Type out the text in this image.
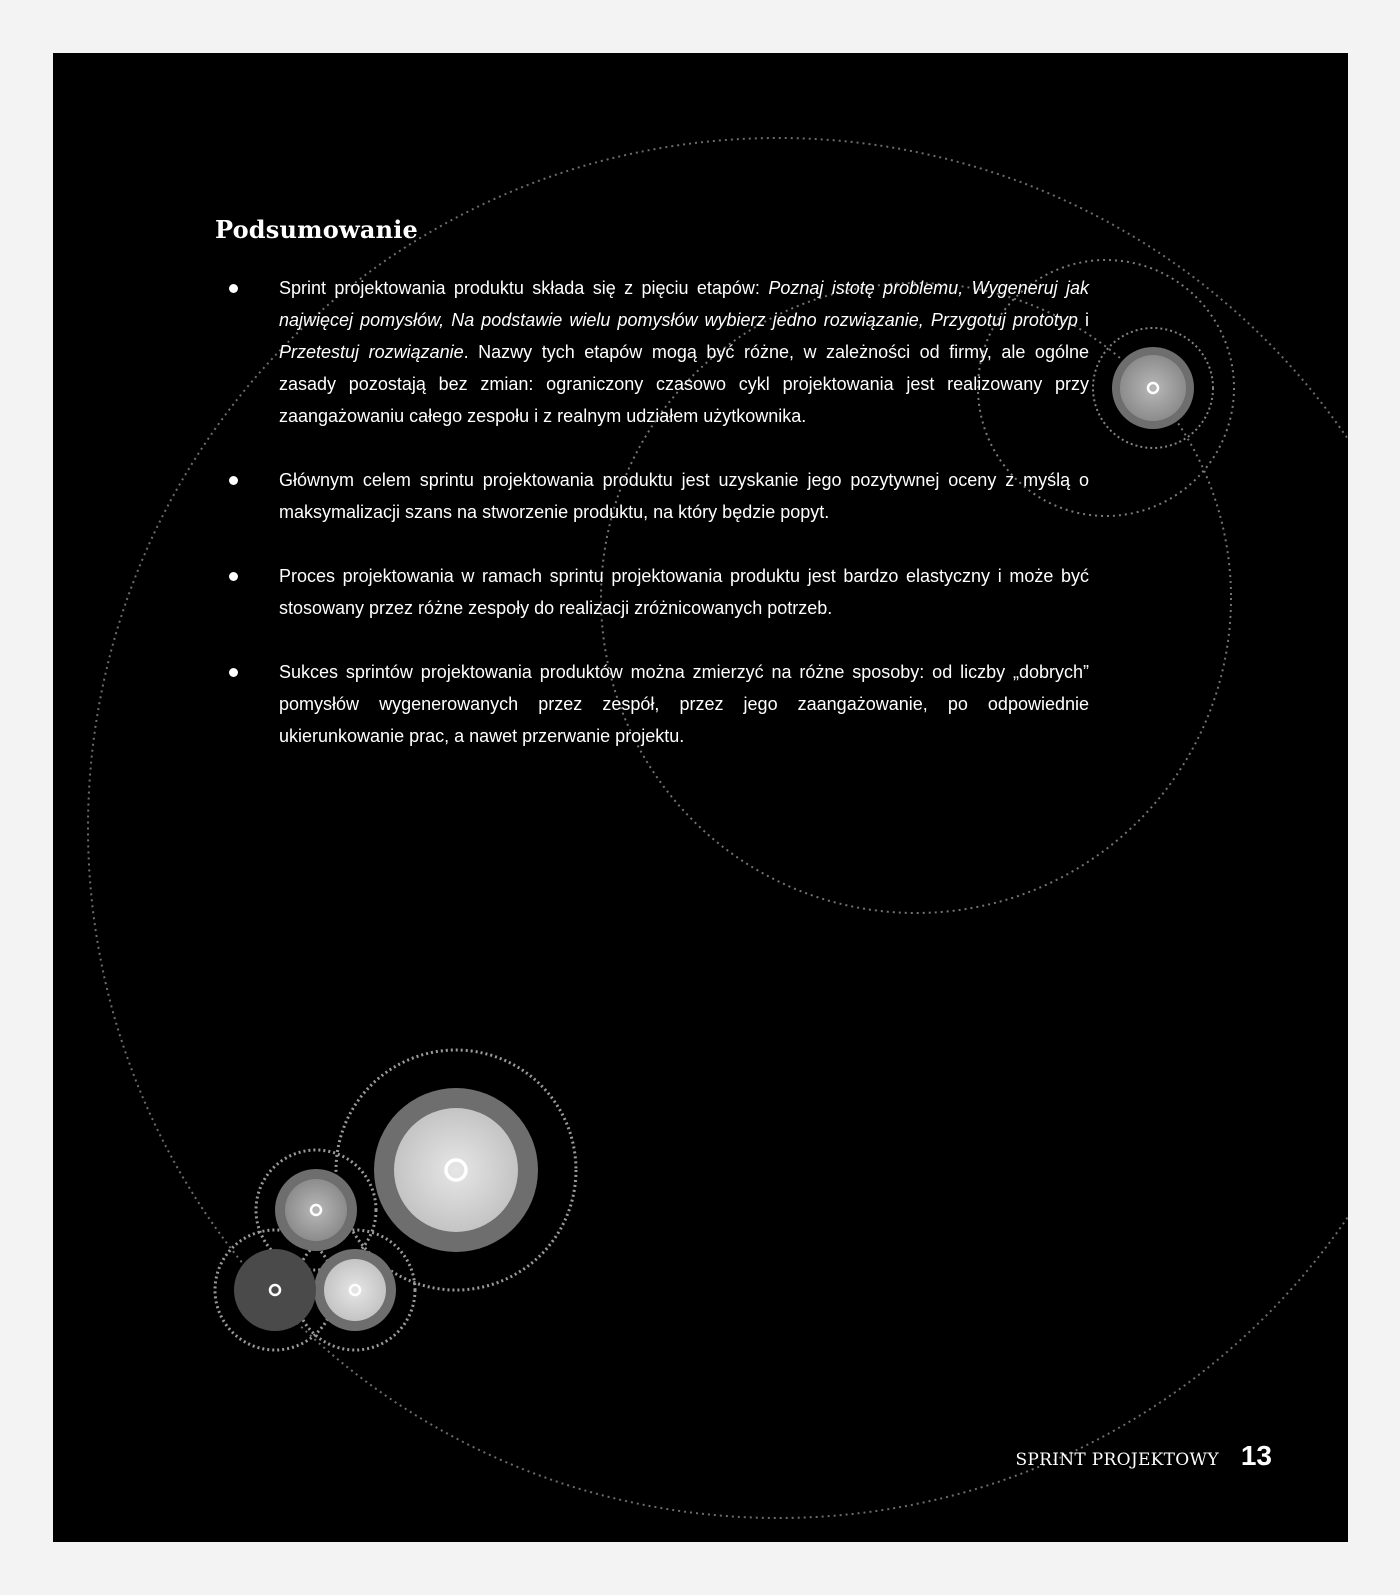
Podsumowanie
Sprint projektowania produktu składa się z pięciu etapów: Poznaj istotę problemu, Wygeneruj jak najwięcej pomysłów, Na podstawie wielu pomysłów wybierz jedno rozwiązanie, Przygotuj prototyp i Przetestuj rozwiązanie. Nazwy tych etapów mogą być różne, w zależności od firmy, ale ogólne zasady pozostają bez zmian: ograniczony czasowo cykl projektowania jest realizowany przy zaangażowaniu całego zespołu i z realnym udziałem użytkownika.
Głównym celem sprintu projektowania produktu jest uzyskanie jego pozytywnej oceny z myślą o maksymalizacji szans na stworzenie produktu, na który będzie popyt.
Proces projektowania w ramach sprintu projektowania produktu jest bardzo elastyczny i może być stosowany przez różne zespoły do realizacji zróżnicowanych potrzeb.
Sukces sprintów projektowania produktów można zmierzyć na różne sposoby: od liczby „dobrych” pomysłów wygenerowanych przez zespół, przez jego zaangażowanie, po odpowiednie ukierunkowanie prac, a nawet przerwanie projektu.
SPRINT PROJEKTOWY 13
